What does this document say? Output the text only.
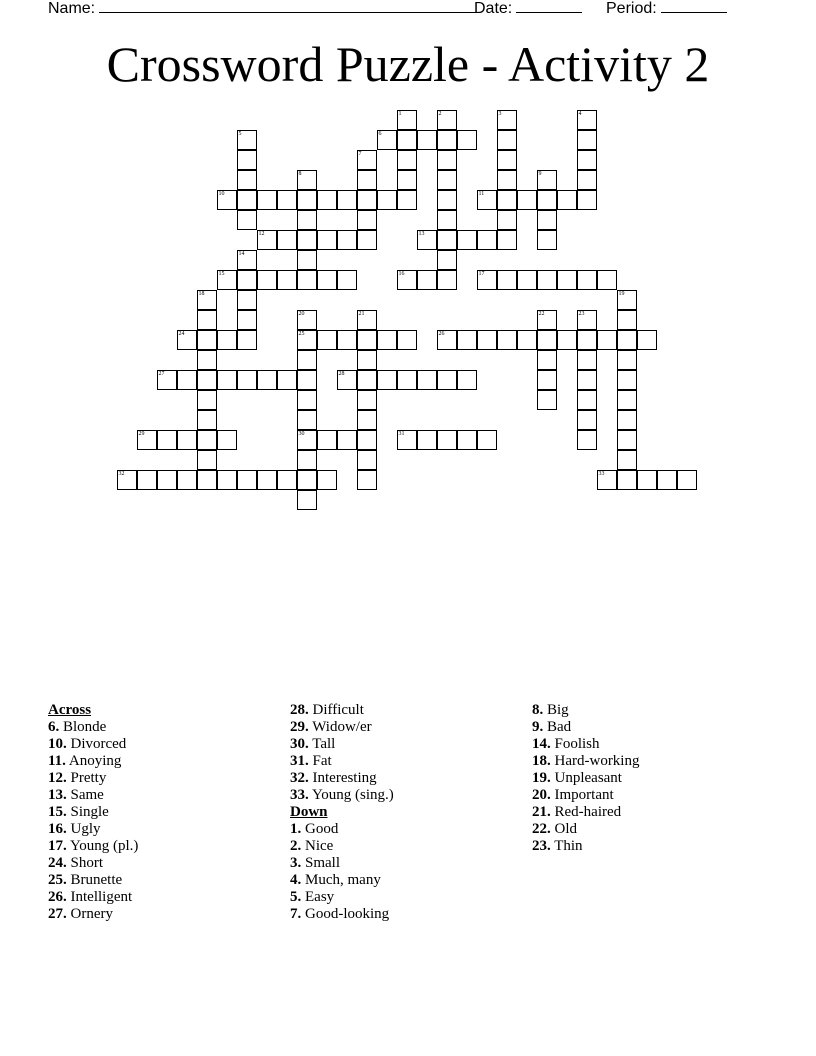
Name:	Date:	Period:
Crossword Puzzle - Activity 2
1	2	3	4
5	6
7
8	9
10	11
12	13
14
15	16	17
18	19
20
25
30
21	22	23
24	26
27	28
29	31
32	33
Across
6. Blonde
10. Divorced
11. Anoying
12. Pretty
13. Same
15. Single
16. Ugly
17. Young (pl.)
24. Short
25. Brunette
26. Intelligent
27. Ornery
28. Difficult
29. Widow/er
30. Tall
31. Fat
32. Interesting
33. Young (sing.)
Down
1. Good
2. Nice
3. Small
4. Much, many
5. Easy
7. Good-looking
8. Big
9. Bad
14. Foolish
18. Hard-working
19. Unpleasant
20. Important
21. Red-haired
22. Old
23. Thin
